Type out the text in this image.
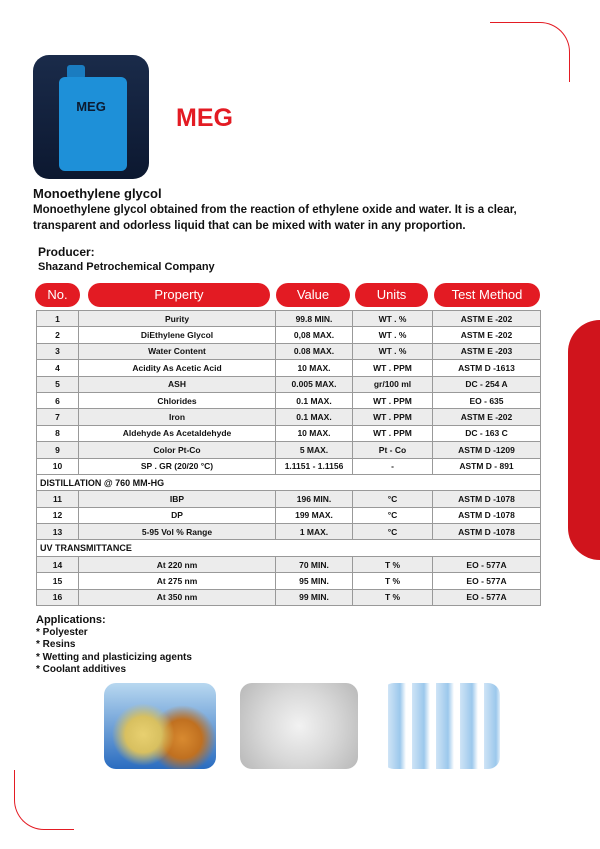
MEG	MEG
Monoethylene glycol
Monoethylene glycol obtained from the reaction of ethylene oxide and water. It is a clear, transparent and odorless liquid that can be mixed with water in any proportion.
Producer:
Shazand Petrochemical Company
No.	Property	Value	Units	Test Method
1	Purity	99.8 MIN.	WT . %	ASTM E -202
2	DiEthylene Glycol	0,08 MAX.	WT . %	ASTM E -202
3	Water Content	0.08 MAX.	WT . %	ASTM E -203
4	Acidity As Acetic Acid	10 MAX.	WT . PPM	ASTM D -1613
5	ASH	0.005 MAX.	gr/100 ml	DC - 254 A
6	Chlorides	0.1 MAX.	WT . PPM	EO - 635
7	Iron	0.1 MAX.	WT . PPM	ASTM E -202
8	Aldehyde As Acetaldehyde	10 MAX.	WT . PPM	DC - 163 C
9	Color Pt-Co	5 MAX.	Pt - Co	ASTM D -1209
10	SP . GR (20/20 °C)	1.1151 - 1.1156	-	ASTM D - 891
DISTILLATION @ 760 MM-HG				
11	IBP	196 MIN.	°C	ASTM D -1078
12	DP	199 MAX.	°C	ASTM D -1078
13	5-95 Vol % Range	1 MAX.	°C	ASTM D -1078
UV TRANSMITTANCE				
14	At 220 nm	70 MIN.	T %	EO - 577A
15	At 275 nm	95 MIN.	T %	EO - 577A
16	At 350 nm	99 MIN.	T %	EO - 577A
Applications:
* Polyester
* Resins
* Wetting and plasticizing agents
* Coolant additives
